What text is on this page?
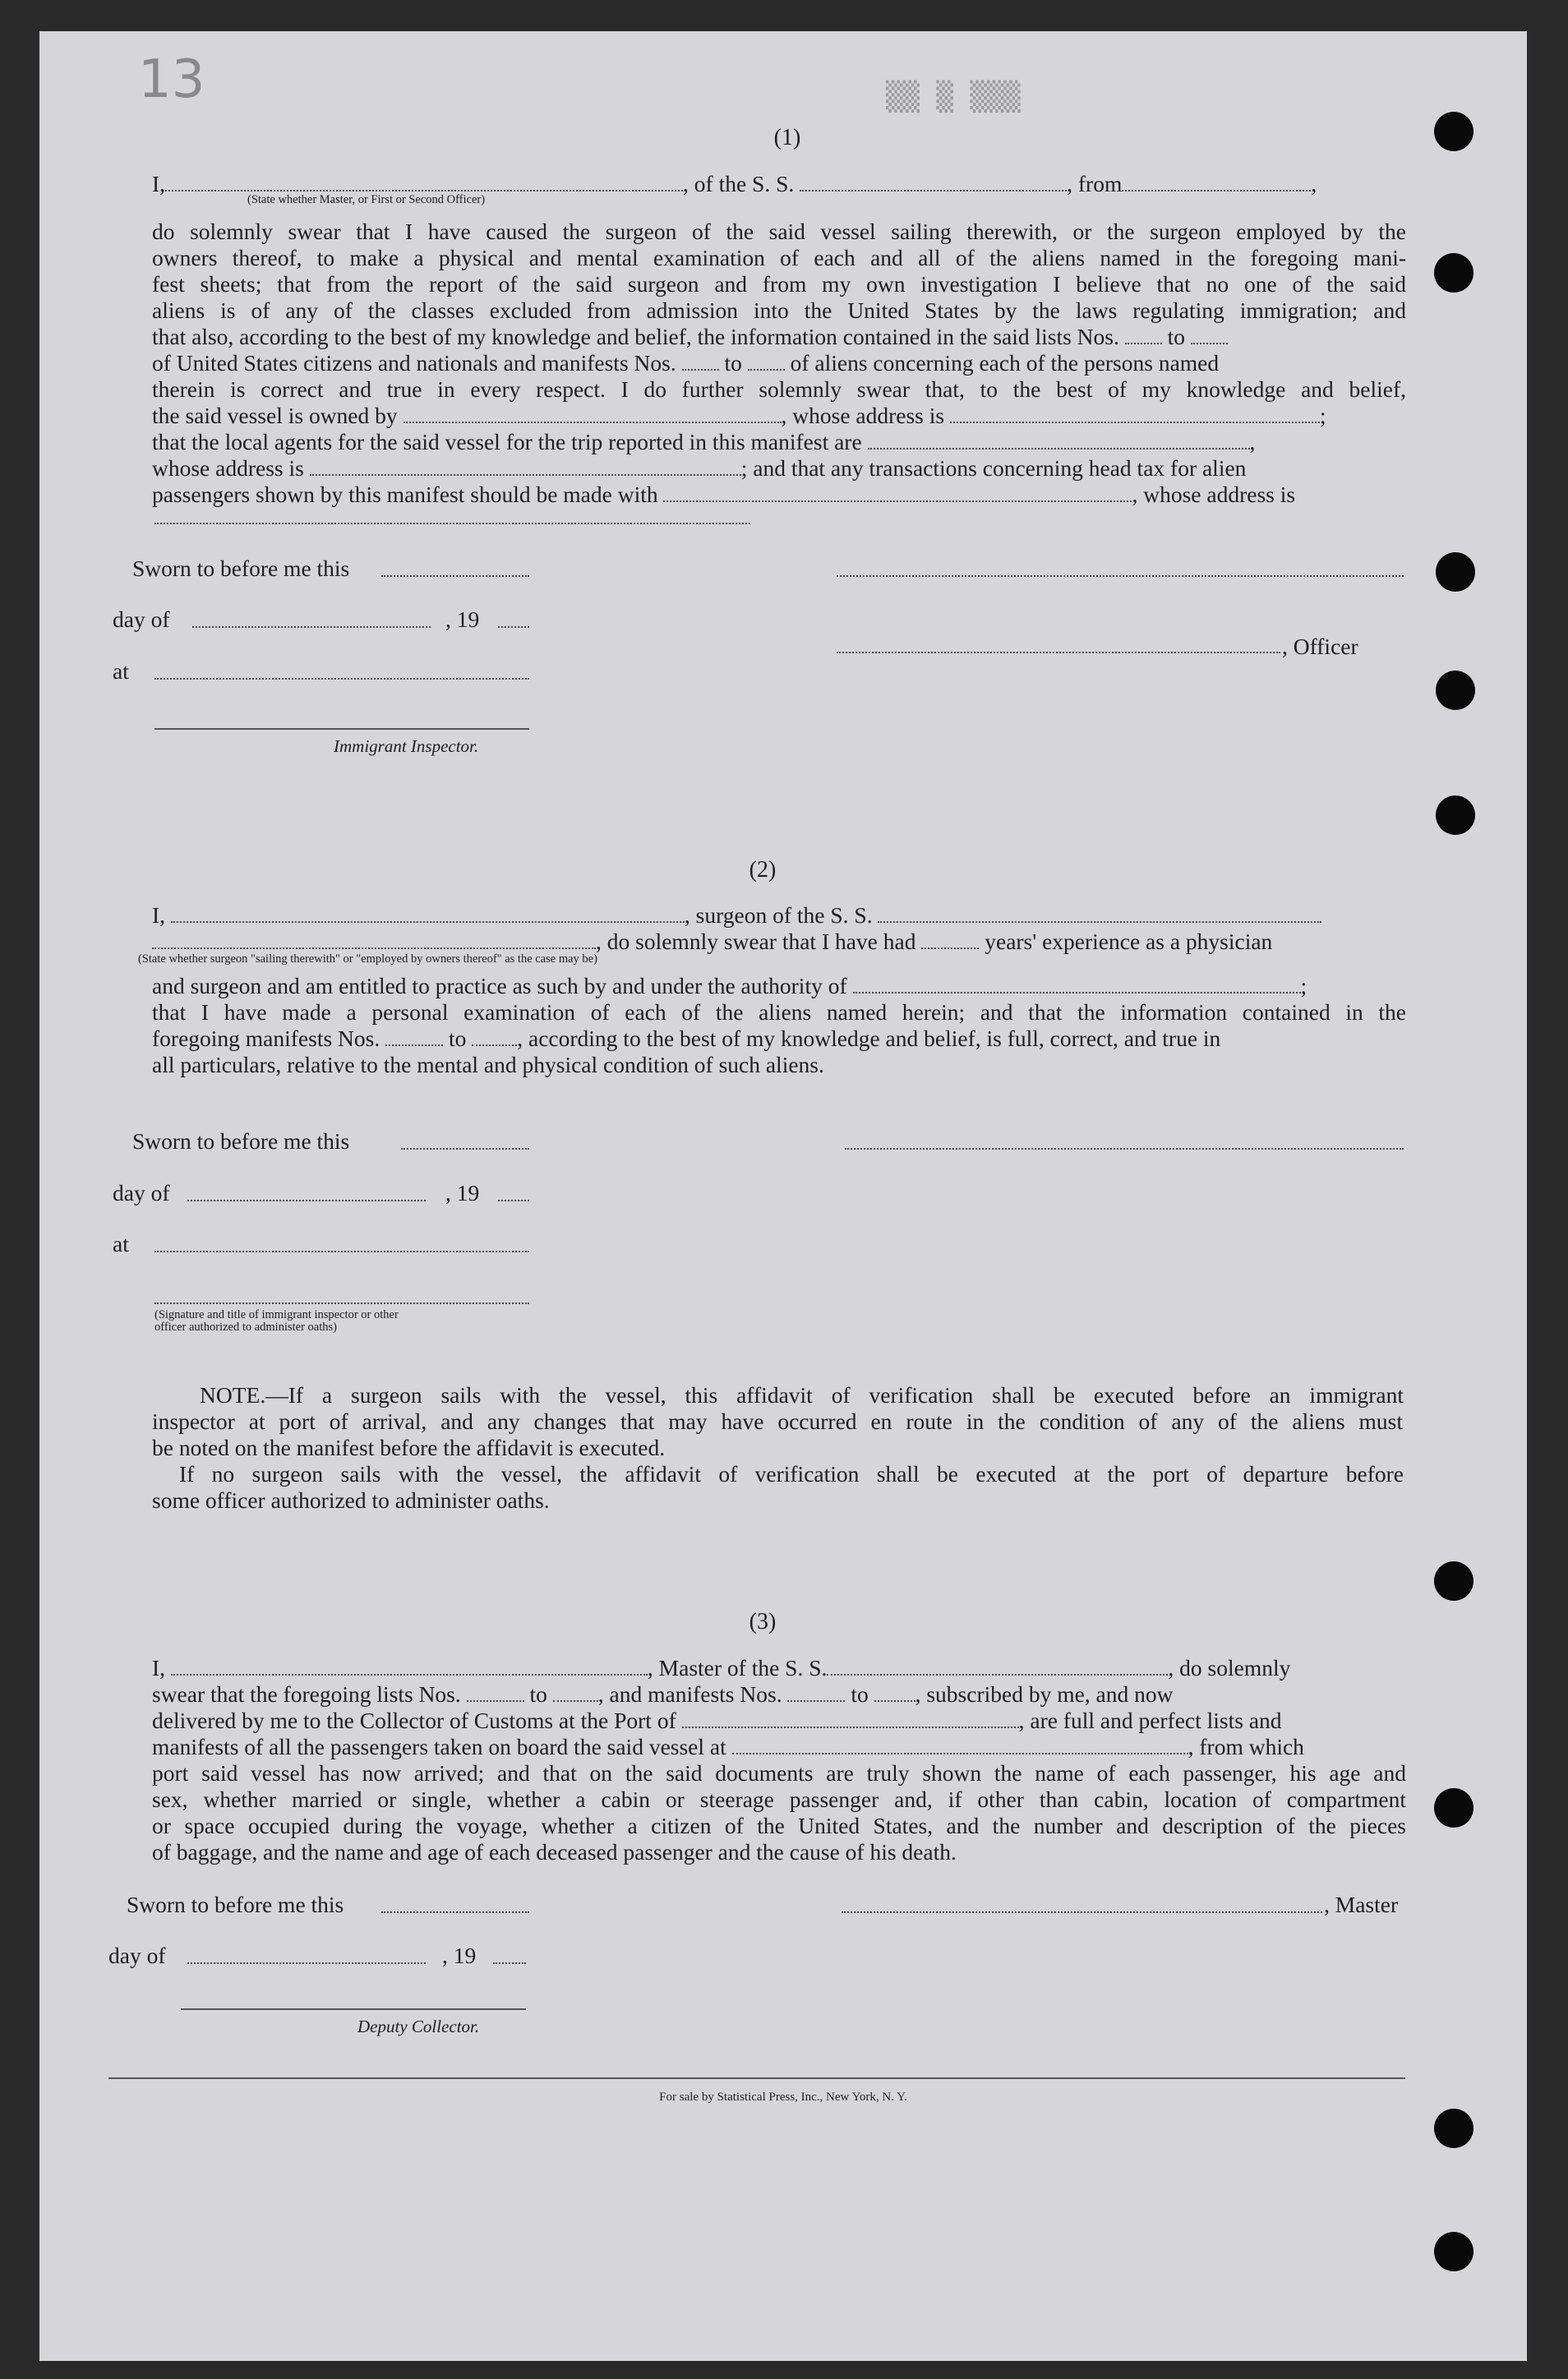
13	▒▒ ▒ ▒▒▒
(1)
I,	, of the S. S.	, from	,
(State whether Master, or First or Second Officer)
do solemnly swear that I have caused the surgeon of the said vessel sailing therewith, or the surgeon employed by the
owners thereof, to make a physical and mental examination of each and all of the aliens named in the foregoing mani-
fest sheets; that from the report of the said surgeon and from my own investigation I believe that no one of the said
aliens is of any of the classes excluded from admission into the United States by the laws regulating immigration; and
that also, according to the best of my knowledge and belief, the information contained in the said lists Nos. to
of United States citizens and nationals and manifests Nos. to of aliens concerning each of the persons named
therein is correct and true in every respect. I do further solemnly swear that, to the best of my knowledge and belief,
the said vessel is owned by	, whose address is	;
that the local agents for the said vessel for the trip reported in this manifest are	,
whose address is	; and that any transactions concerning head tax for alien
passengers shown by this manifest should be made with	, whose address is
Sworn to before me this
day of	, 19
, Officer
at
Immigrant Inspector.
(2)
I,	, surgeon of the S. S.
, do solemnly swear that I have had	years' experience as a physician
(State whether surgeon "sailing therewith" or "employed by owners thereof" as the case may be)
and surgeon and am entitled to practice as such by and under the authority of	;
that I have made a personal examination of each of the aliens named herein; and that the information contained in the
foregoing manifests Nos.	to , according to the best of my knowledge and belief, is full, correct, and true in
all particulars, relative to the mental and physical condition of such aliens.
Sworn to before me this
day of	, 19
at
(Signature and title of immigrant inspector or other officer authorized to administer oaths)
NOTE.—If a surgeon sails with the vessel, this affidavit of verification shall be executed before an immigrant
inspector at port of arrival, and any changes that may have occurred en route in the condition of any of the aliens must
be noted on the manifest before the affidavit is executed.
If no surgeon sails with the vessel, the affidavit of verification shall be executed at the port of departure before
some officer authorized to administer oaths.
(3)
I,	, Master of the S. S.	, do solemnly
swear that the foregoing lists Nos.	to , and manifests Nos.	to , subscribed by me, and now
delivered by me to the Collector of Customs at the Port of	, are full and perfect lists and
manifests of all the passengers taken on board the said vessel at	, from which
port said vessel has now arrived; and that on the said documents are truly shown the name of each passenger, his age and
sex, whether married or single, whether a cabin or steerage passenger and, if other than cabin, location of compartment
or space occupied during the voyage, whether a citizen of the United States, and the number and description of the pieces
of baggage, and the name and age of each deceased passenger and the cause of his death.
Sworn to before me this	, Master
day of	, 19
Deputy Collector.
For sale by Statistical Press, Inc., New York, N. Y.
